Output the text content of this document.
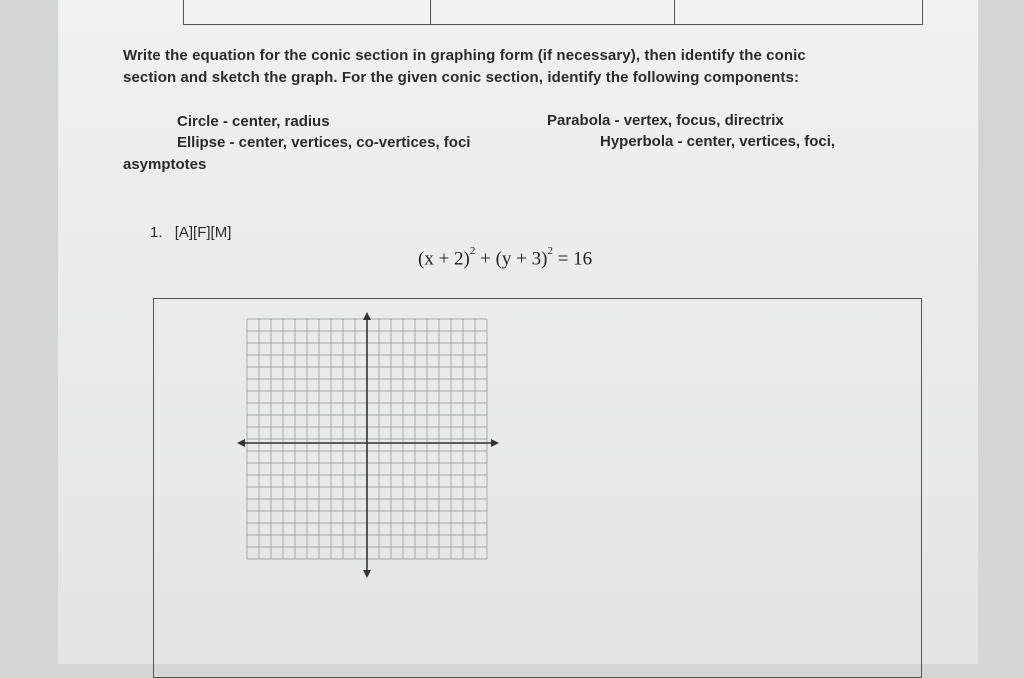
Write the equation for the conic section in graphing form (if necessary), then identify the conic
section and sketch the graph. For the given conic section, identify the following components:
Circle - center, radius	Parabola - vertex, focus, directrix
Ellipse - center, vertices, co-vertices, foci	Hyperbola - center, vertices, foci,
asymptotes
1. [A][F][M]
$(x + 2)^2 + (y + 3)^2 = 16$
